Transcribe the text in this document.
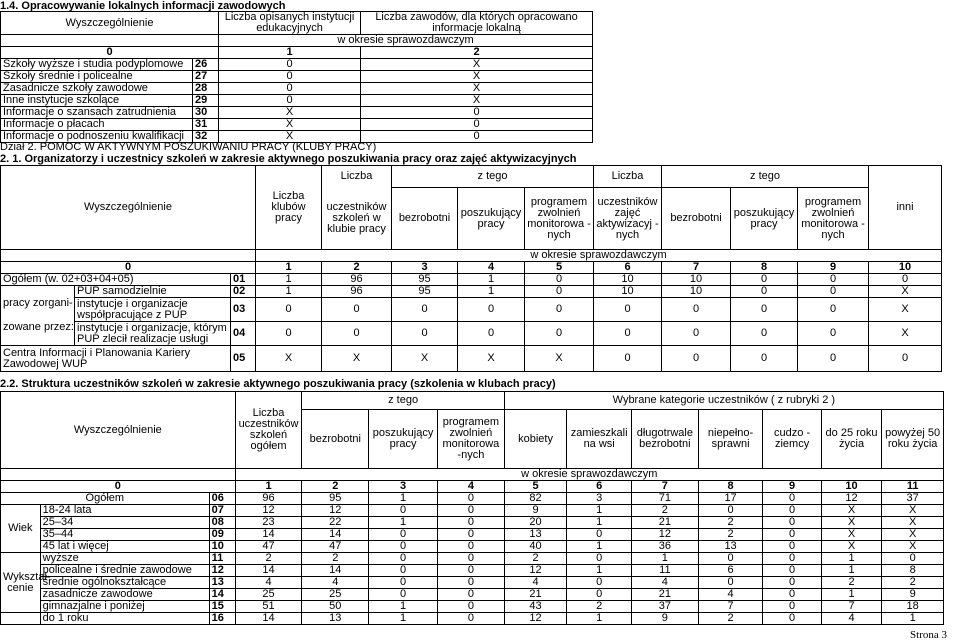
1.4. Opracowywanie lokalnych informacji zawodowych
Wyszczególnienie		Liczba opisanych instytucji edukacyjnych	Liczba zawodów, dla których opracowano informacje lokalną
		w okresie sprawozdawczym	
0		1	2
Szkoły wyższe i studia podyplomowe	26	0	X
Szkoły średnie i policealne	27	0	X
Zasadnicze szkoły zawodowe	28	0	X
Inne instytucje szkolące	29	0	X
Informacje o szansach zatrudnienia	30	X	0
Informacje o płacach	31	X	0
Informacje o podnoszeniu kwalifikacji	32	X	0
Dział 2. POMOC W AKTYWNYM POSZUKIWANIU PRACY (KLUBY PRACY)
2. 1. Organizatorzy i uczestnicy szkoleń w zakresie aktywnego poszukiwania pracy oraz zajęć aktywizacyjnych
Wyszczególnienie			Liczba klubów pracy	Liczba	z tego			Liczba	z tego			inni
				uczestników szkoleń w klubie pracy	bezrobotni	poszukujący pracy	programem zwolnień monitorowa -nych	uczestników zajęć aktywizacyj -nych	bezrobotni	poszukujący pracy	programem zwolnień monitorowa -nych	

			w okresie sprawozdawczym									
0			1	2	3	4	5	6	7	8	9	10
Ogółem (w. 02+03+04+05)		01	1	96	95	1	0	10	10	0	0	0
	PUP samodzielnie	02	1	96	95	1	0	10	10	0	0	X
pracy zorgani-	instytucje i organizacje współpracujące z PUP	03	0	0	0	0	0	0	0	0	0	X
zowane przez:	instytucje i organizacje, którym PUP zlecił realizacje usługi	04	0	0	0	0	0	0	0	0	0	X
Centra Informacji i Planowania Kariery Zawodowej WUP		05	X	X	X	X	X	0	0	0	0	0
2.2. Struktura uczestników szkoleń w zakresie aktywnego poszukiwania pracy (szkolenia w klubach pracy)
Wyszczególnienie			Liczba uczestników szkoleń ogółem	z tego			Wybrane kategorie uczestników ( z rubryki 2 )						
				bezrobotni	poszukujący pracy	programem zwolnień monitorowa -nych	kobiety	zamieszkali na wsi	długotrwale bezrobotni	niepełno- sprawni	cudzo -ziemcy	do 25 roku życia	powyżej 50 roku życia

			w okresie sprawozdawczym										
0			1	2	3	4	5	6	7	8	9	10	11
Ogółem		06	96	95	1	0	82	3	71	17	0	12	37
Wiek	18-24 lata	07	12	12	0	0	9	1	2	0	0	X	X
	25–34	08	23	22	1	0	20	1	21	2	0	X	X
	35–44	09	14	14	0	0	13	0	12	2	0	X	X
	45 lat i więcej	10	47	47	0	0	40	1	36	13	0	X	X
Wykształ- cenie	wyższe	11	2	2	0	0	2	0	1	0	0	1	0
	policealne i średnie zawodowe	12	14	14	0	0	12	1	11	6	0	1	8
	średnie ogólnokształcące	13	4	4	0	0	4	0	4	0	0	2	2
	zasadnicze zawodowe	14	25	25	0	0	21	0	21	4	0	1	9
	gimnazjalne i poniżej	15	51	50	1	0	43	2	37	7	0	7	18
	do 1 roku	16	14	13	1	0	12	1	9	2	0	4	1
Strona 3
